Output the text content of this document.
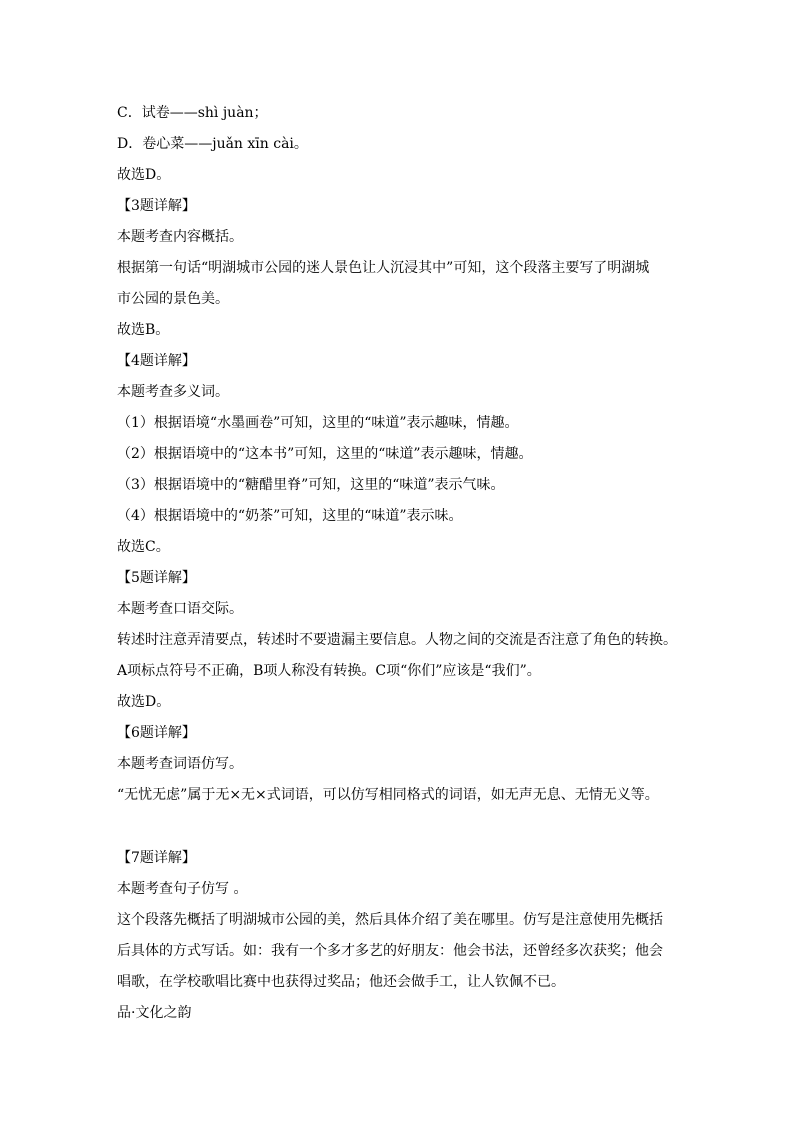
C．试卷——shì juàn；
D．卷心菜——juǎn xīn cài。
故选D。
【3题详解】
本题考查内容概括。
根据第一句话“明湖城市公园的迷人景色让人沉浸其中”可知，这个段落主要写了明湖城
市公园的景色美。
故选B。
【4题详解】
本题考查多义词。
（1）根据语境“水墨画卷”可知，这里的“味道”表示趣味，情趣。
（2）根据语境中的“这本书”可知，这里的“味道”表示趣味，情趣。
（3）根据语境中的“糖醋里脊”可知，这里的“味道”表示气味。
（4）根据语境中的“奶茶”可知，这里的“味道”表示味。
故选C。
【5题详解】
本题考查口语交际。
转述时注意弄清要点，转述时不要遗漏主要信息。人物之间的交流是否注意了角色的转换。
A项标点符号不正确，B项人称没有转换。C项“你们”应该是“我们”。
故选D。
【6题详解】
本题考查词语仿写。
“无忧无虑”属于无×无×式词语，可以仿写相同格式的词语，如无声无息、无情无义等。
【7题详解】
本题考查句子仿写 。
这个段落先概括了明湖城市公园的美，然后具体介绍了美在哪里。仿写是注意使用先概括
后具体的方式写话。如：我有一个多才多艺的好朋友：他会书法，还曾经多次获奖；他会
唱歌，在学校歌唱比赛中也获得过奖品；他还会做手工，让人钦佩不已。
品·文化之韵
